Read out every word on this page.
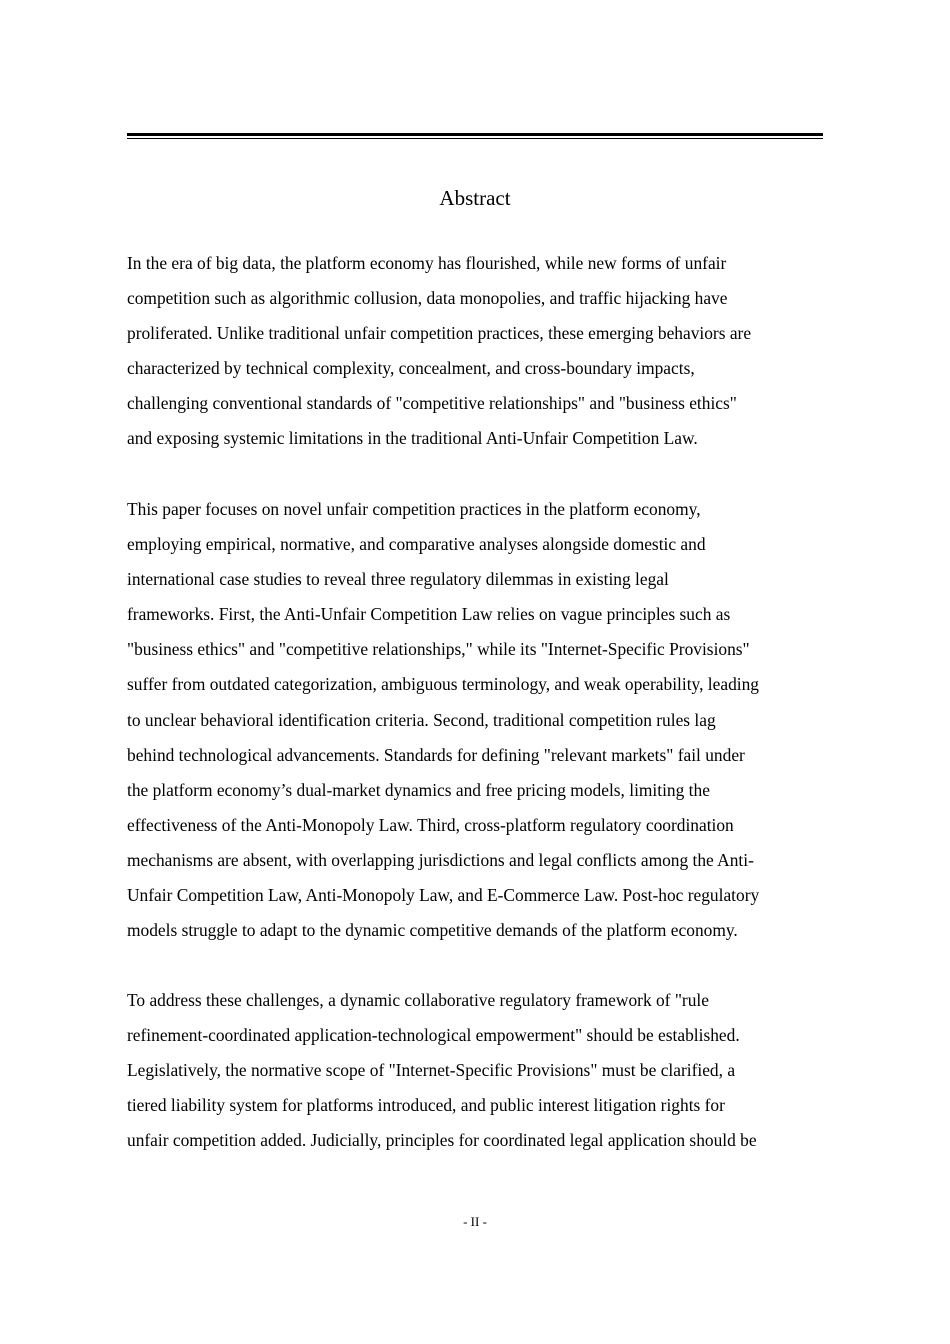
Abstract

In the era of big data, the platform economy has flourished, while new forms of unfair
competition such as algorithmic collusion, data monopolies, and traffic hijacking have
proliferated. Unlike traditional unfair competition practices, these emerging behaviors are
characterized by technical complexity, concealment, and cross-boundary impacts,
challenging conventional standards of "competitive relationships" and "business ethics"
and exposing systemic limitations in the traditional Anti-Unfair Competition Law.

This paper focuses on novel unfair competition practices in the platform economy,
employing empirical, normative, and comparative analyses alongside domestic and
international case studies to reveal three regulatory dilemmas in existing legal
frameworks. First, the Anti-Unfair Competition Law relies on vague principles such as
"business ethics" and "competitive relationships," while its "Internet-Specific Provisions"
suffer from outdated categorization, ambiguous terminology, and weak operability, leading
to unclear behavioral identification criteria. Second, traditional competition rules lag
behind technological advancements. Standards for defining "relevant markets" fail under
the platform economy’s dual-market dynamics and free pricing models, limiting the
effectiveness of the Anti-Monopoly Law. Third, cross-platform regulatory coordination
mechanisms are absent, with overlapping jurisdictions and legal conflicts among the Anti-
Unfair Competition Law, Anti-Monopoly Law, and E-Commerce Law. Post-hoc regulatory
models struggle to adapt to the dynamic competitive demands of the platform economy.

To address these challenges, a dynamic collaborative regulatory framework of "rule
refinement-coordinated application-technological empowerment" should be established.
Legislatively, the normative scope of "Internet-Specific Provisions" must be clarified, a
tiered liability system for platforms introduced, and public interest litigation rights for
unfair competition added. Judicially, principles for coordinated legal application should be

- II -
